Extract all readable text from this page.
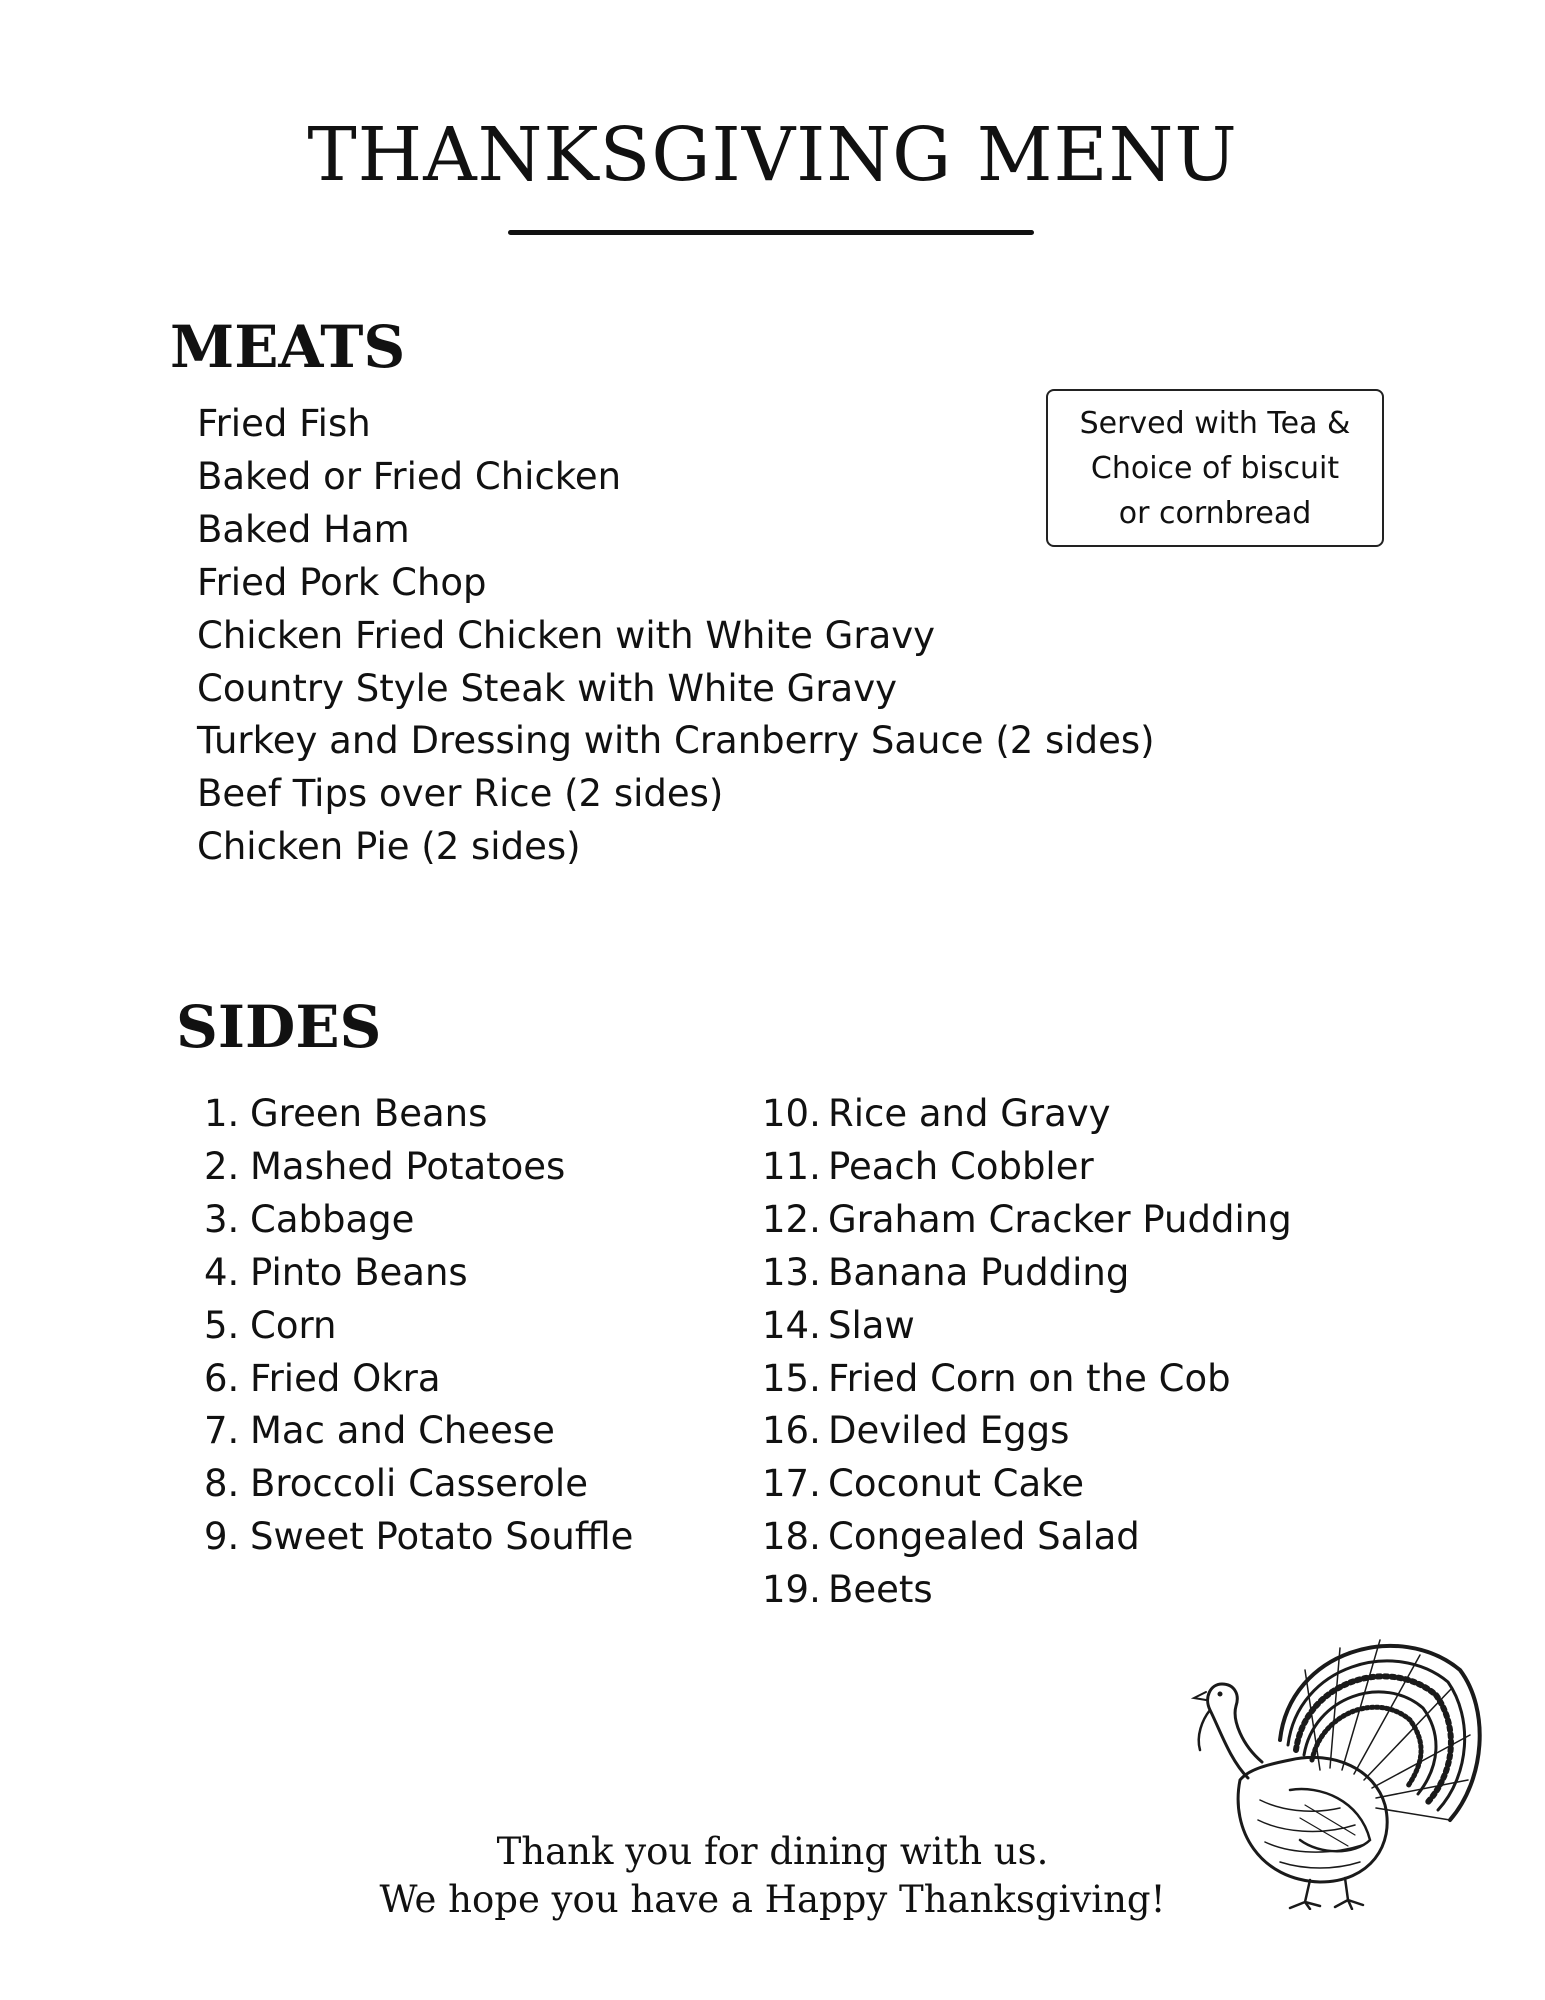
THANKSGIVING MENU
MEATS
Fried Fish
Baked or Fried Chicken
Baked Ham
Fried Pork Chop
Chicken Fried Chicken with White Gravy
Country Style Steak with White Gravy
Turkey and Dressing with Cranberry Sauce (2 sides)
Beef Tips over Rice (2 sides)
Chicken Pie (2 sides)
Served with Tea &
Choice of biscuit
or cornbread
SIDES
1. Green Beans
2. Mashed Potatoes
3. Cabbage
4. Pinto Beans
5. Corn
6. Fried Okra
7. Mac and Cheese
8. Broccoli Casserole
9. Sweet Potato Souffle
10. Rice and Gravy
11. Peach Cobbler
12. Graham Cracker Pudding
13. Banana Pudding
14. Slaw
15. Fried Corn on the Cob
16. Deviled Eggs
17. Coconut Cake
18. Congealed Salad
19. Beets
Thank you for dining with us.
We hope you have a Happy Thanksgiving!
